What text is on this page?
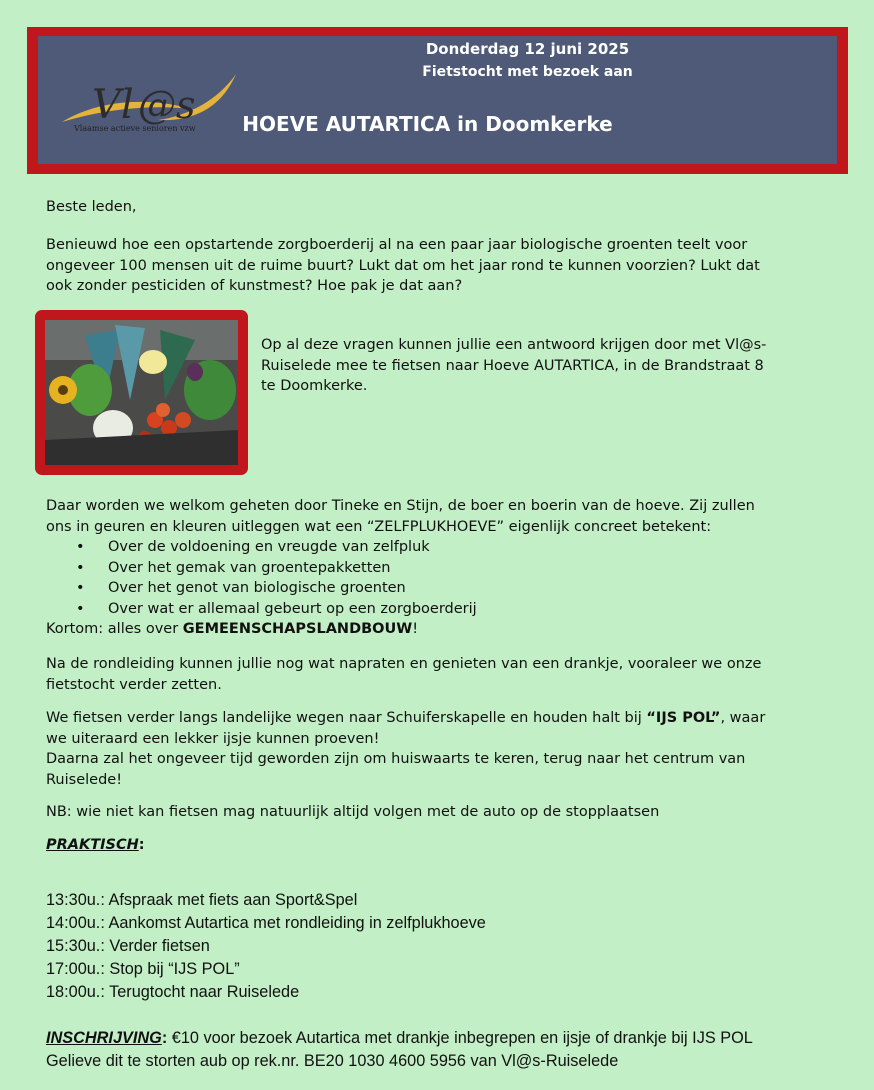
Vl @s
Vlaamse actieve senioren vzw
Donderdag 12 juni 2025
Fietstocht met bezoek aan
HOEVE AUTARTICA in Doomkerke
Beste leden,
Benieuwd hoe een opstartende zorgboerderij al na een paar jaar biologische groenten teelt voor
ongeveer 100 mensen uit de ruime buurt? Lukt dat om het jaar rond te kunnen voorzien? Lukt dat
ook zonder pesticiden of kunstmest? Hoe pak je dat aan?
Op al deze vragen kunnen jullie een antwoord krijgen door met Vl@s-
Ruiselede mee te fietsen naar Hoeve AUTARTICA, in de Brandstraat 8
te Doomkerke.
Daar worden we welkom geheten door Tineke en Stijn, de boer en boerin van de hoeve. Zij zullen
ons in geuren en kleuren uitleggen wat een “ZELFPLUKHOEVE” eigenlijk concreet betekent:
• Over de voldoening en vreugde van zelfpluk
• Over het gemak van groentepakketten
• Over het genot van biologische groenten
• Over wat er allemaal gebeurt op een zorgboerderij
Kortom: alles over GEMEENSCHAPSLANDBOUW!
Na de rondleiding kunnen jullie nog wat napraten en genieten van een drankje, vooraleer we onze
fietstocht verder zetten.
We fietsen verder langs landelijke wegen naar Schuiferskapelle en houden halt bij “IJS POL”, waar
we uiteraard een lekker ijsje kunnen proeven!
Daarna zal het ongeveer tijd geworden zijn om huiswaarts te keren, terug naar het centrum van
Ruiselede!
NB: wie niet kan fietsen mag natuurlijk altijd volgen met de auto op de stopplaatsen
PRAKTISCH:
13:30u.: Afspraak met fiets aan Sport&Spel
14:00u.: Aankomst Autartica met rondleiding in zelfplukhoeve
15:30u.: Verder fietsen
17:00u.: Stop bij “IJS POL”
18:00u.: Terugtocht naar Ruiselede
INSCHRIJVING: €10 voor bezoek Autartica met drankje inbegrepen en ijsje of drankje bij IJS POL
Gelieve dit te storten aub op rek.nr. BE20 1030 4600 5956 van Vl@s-Ruiselede
